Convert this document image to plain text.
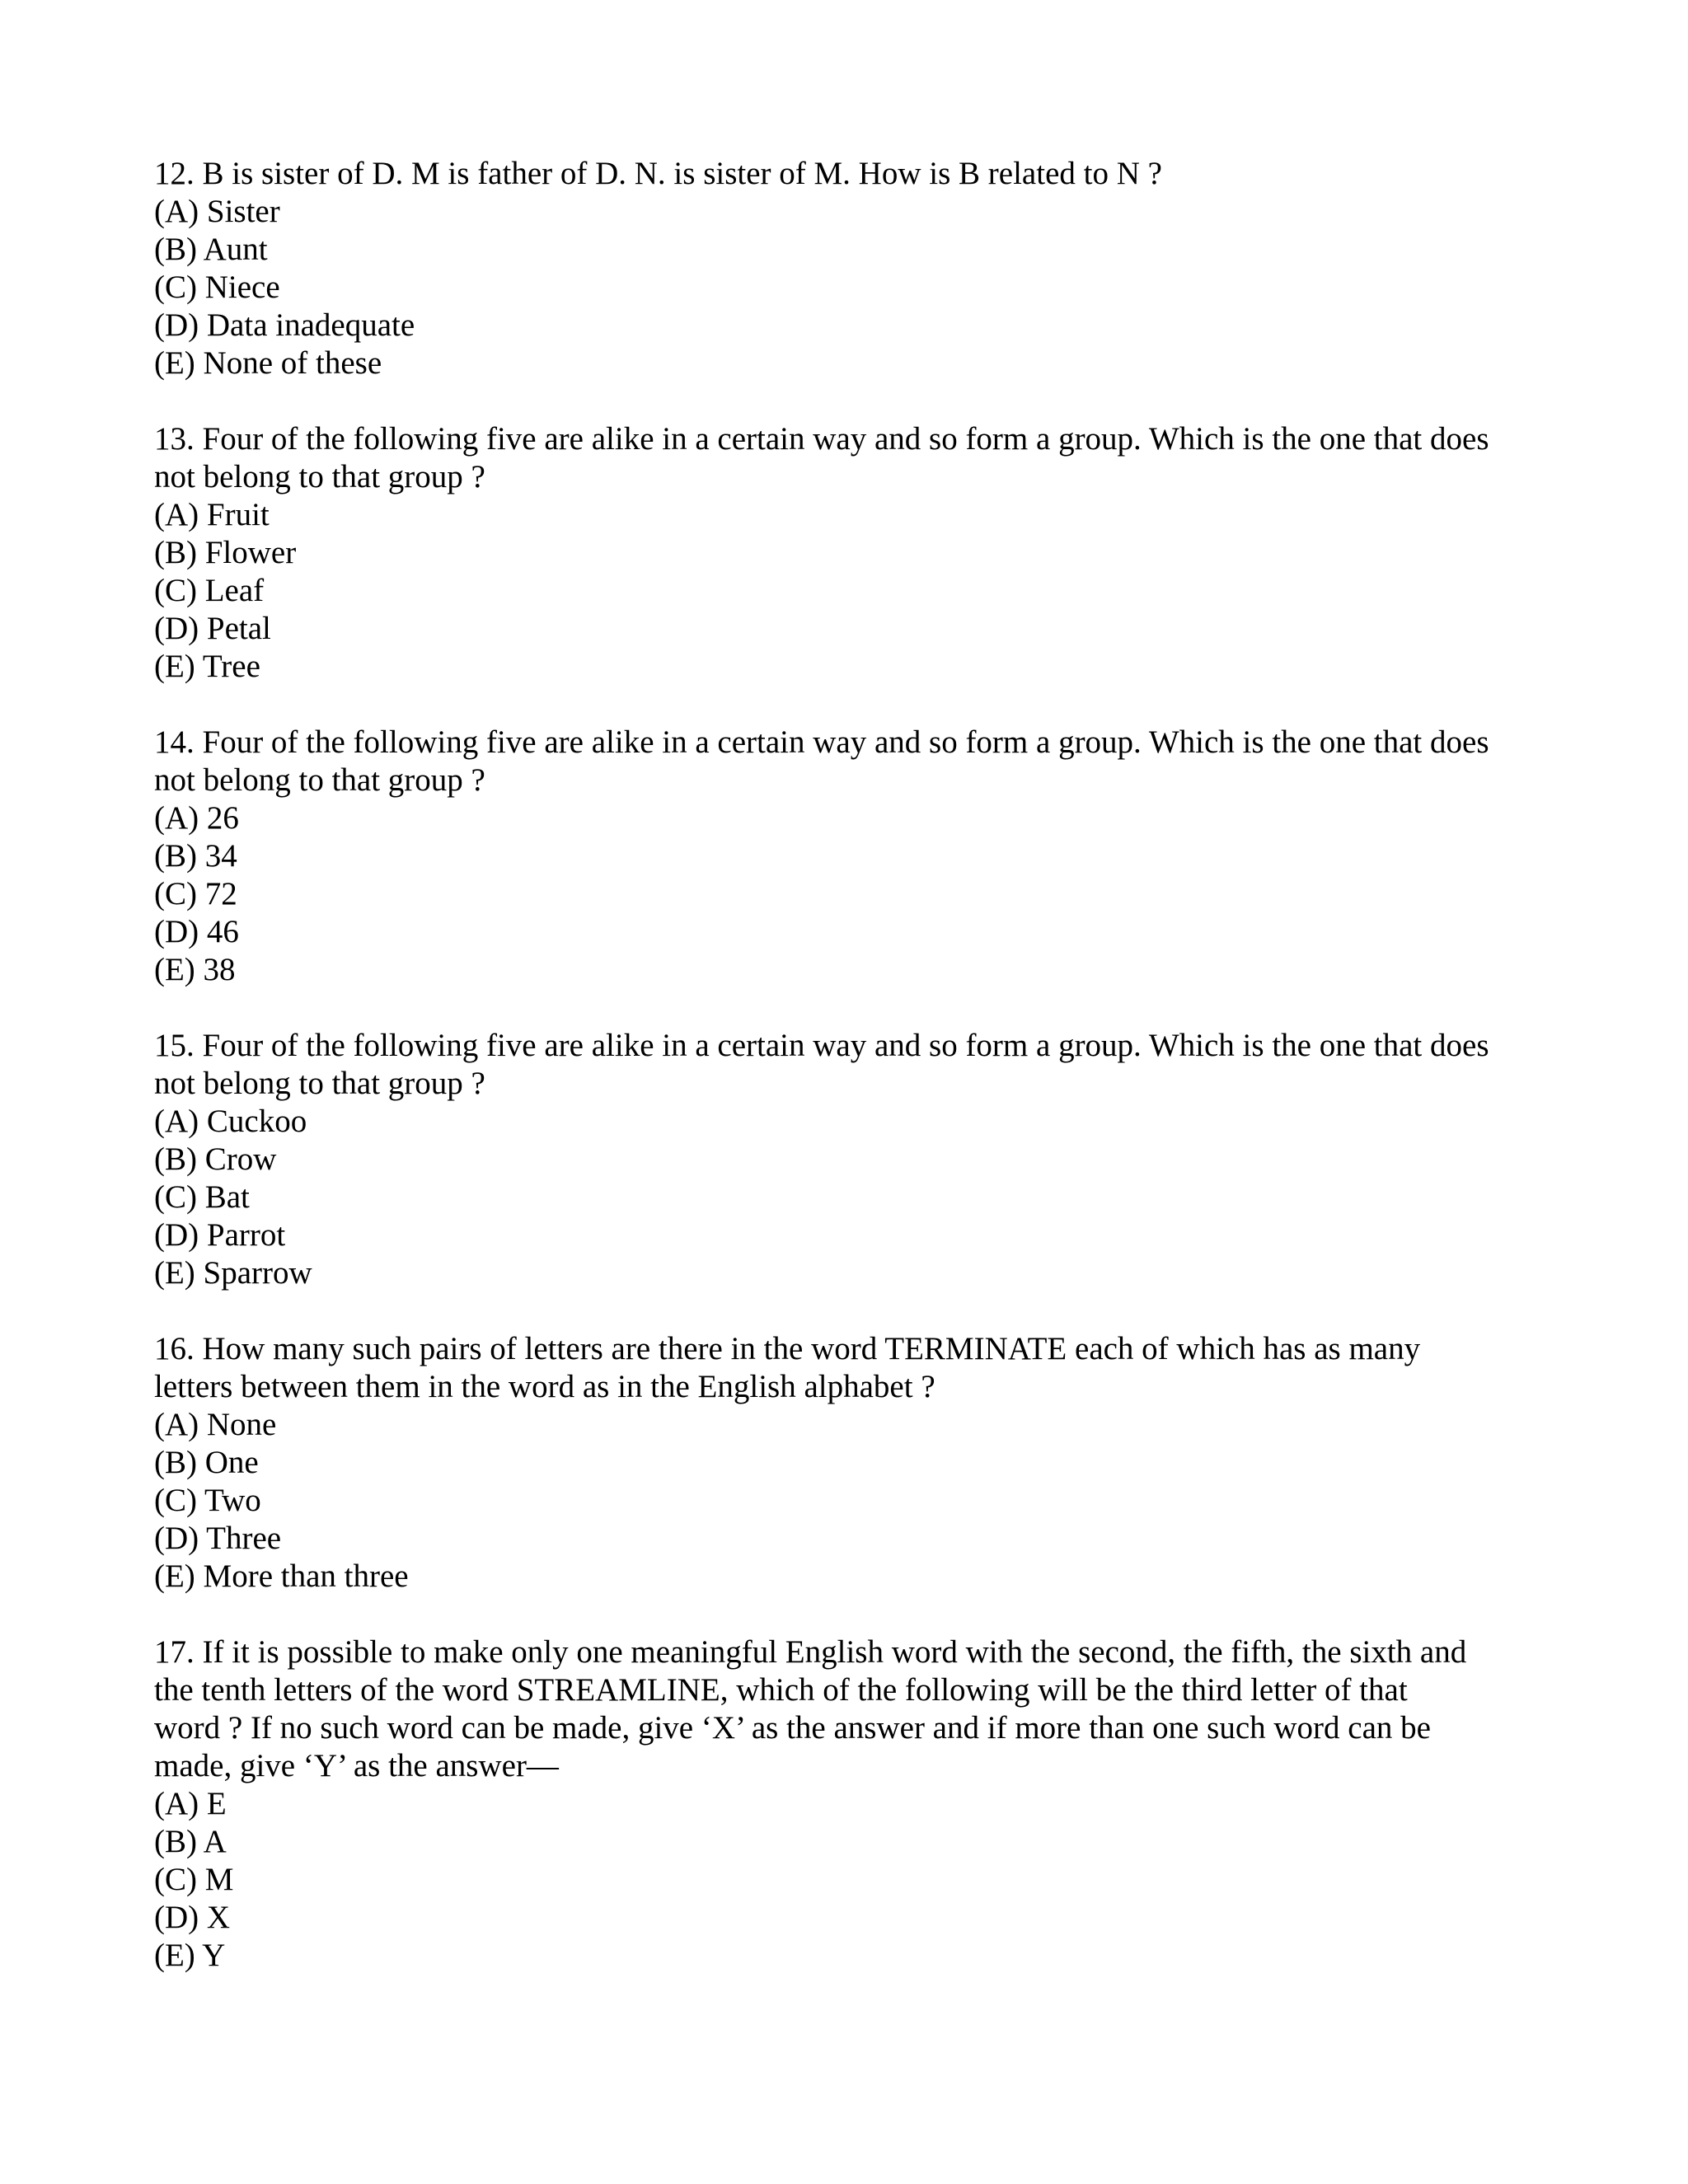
12. B is sister of D. M is father of D. N. is sister of M. How is B related to N ?
(A) Sister
(B) Aunt
(C) Niece
(D) Data inadequate
(E) None of these
13. Four of the following five are alike in a certain way and so form a group. Which is the one that does
not belong to that group ?
(A) Fruit
(B) Flower
(C) Leaf
(D) Petal
(E) Tree
14. Four of the following five are alike in a certain way and so form a group. Which is the one that does
not belong to that group ?
(A) 26
(B) 34
(C) 72
(D) 46
(E) 38
15. Four of the following five are alike in a certain way and so form a group. Which is the one that does
not belong to that group ?
(A) Cuckoo
(B) Crow
(C) Bat
(D) Parrot
(E) Sparrow
16. How many such pairs of letters are there in the word TERMINATE each of which has as many
letters between them in the word as in the English alphabet ?
(A) None
(B) One
(C) Two
(D) Three
(E) More than three
17. If it is possible to make only one meaningful English word with the second, the fifth, the sixth and
the tenth letters of the word STREAMLINE, which of the following will be the third letter of that
word ? If no such word can be made, give ‘X’ as the answer and if more than one such word can be
made, give ‘Y’ as the answer—
(A) E
(B) A
(C) M
(D) X
(E) Y
